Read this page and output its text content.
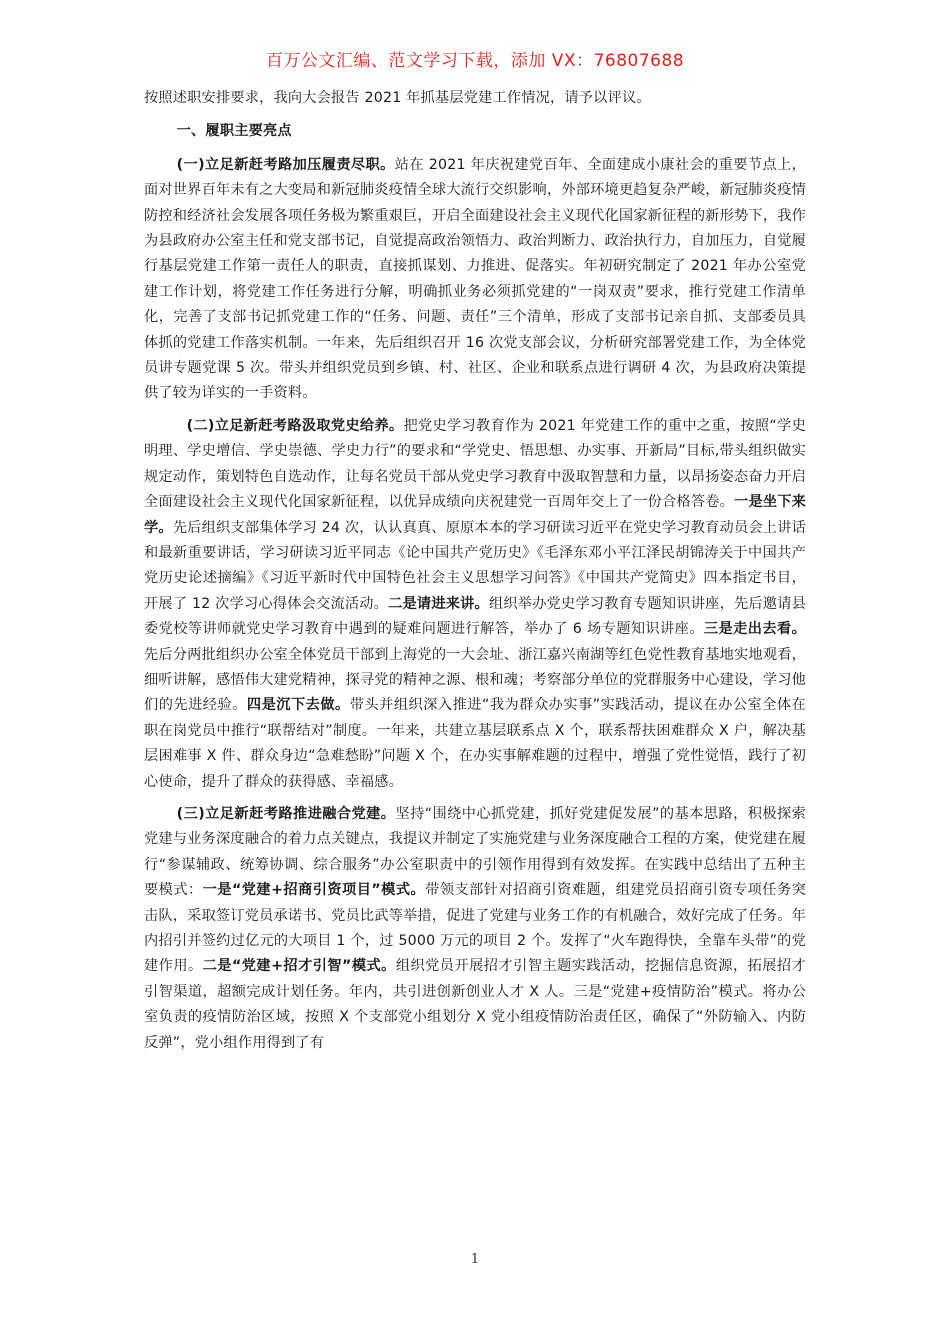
百万公文汇编、范文学习下载，添加 VX：76807688

按照述职安排要求，我向大会报告 2021 年抓基层党建工作情况，请予以评议。

一、履职主要亮点

(一)立足新赶考路加压履责尽职。站在 2021 年庆祝建党百年、全面建成小康社会的重要节点上，面对世界百年未有之大变局和新冠肺炎疫情全球大流行交织影响，外部环境更趋复杂严峻，新冠肺炎疫情防控和经济社会发展各项任务极为繁重艰巨，开启全面建设社会主义现代化国家新征程的新形势下，我作为县政府办公室主任和党支部书记，自觉提高政治领悟力、政治判断力、政治执行力，自加压力，自觉履行基层党建工作第一责任人的职责，直接抓谋划、力推进、促落实。年初研究制定了 2021 年办公室党建工作计划，将党建工作任务进行分解，明确抓业务必须抓党建的“一岗双责”要求，推行党建工作清单化，完善了支部书记抓党建工作的“任务、问题、责任”三个清单，形成了支部书记亲自抓、支部委员具体抓的党建工作落实机制。一年来，先后组织召开 16 次党支部会议，分析研究部署党建工作，为全体党员讲专题党课 5 次。带头并组织党员到乡镇、村、社区、企业和联系点进行调研 4 次，为县政府决策提供了较为详实的一手资料。

(二)立足新赶考路汲取党史给养。把党史学习教育作为 2021 年党建工作的重中之重，按照“学史明理、学史增信、学史崇德、学史力行”的要求和“学党史、悟思想、办实事、开新局”目标,带头组织做实规定动作，策划特色自选动作，让每名党员干部从党史学习教育中汲取智慧和力量，以昂扬姿态奋力开启全面建设社会主义现代化国家新征程，以优异成绩向庆祝建党一百周年交上了一份合格答卷。一是坐下来学。先后组织支部集体学习 24 次，认认真真、原原本本的学习研读习近平在党史学习教育动员会上讲话和最新重要讲话，学习研读习近平同志《论中国共产党历史》《毛泽东邓小平江泽民胡锦涛关于中国共产党历史论述摘编》《习近平新时代中国特色社会主义思想学习问答》《中国共产党简史》四本指定书目，开展了 12 次学习心得体会交流活动。二是请进来讲。组织举办党史学习教育专题知识讲座，先后邀请县委党校等讲师就党史学习教育中遇到的疑难问题进行解答，举办了 6 场专题知识讲座。三是走出去看。先后分两批组织办公室全体党员干部到上海党的一大会址、浙江嘉兴南湖等红色党性教育基地实地观看，细听讲解，感悟伟大建党精神，探寻党的精神之源、根和魂；考察部分单位的党群服务中心建设，学习他们的先进经验。四是沉下去做。带头并组织深入推进“我为群众办实事”实践活动，提议在办公室全体在职在岗党员中推行“联帮结对”制度。一年来，共建立基层联系点 X 个，联系帮扶困难群众 X 户，解决基层困难事 X 件、群众身边“急难愁盼”问题 X 个，在办实事解难题的过程中，增强了党性觉悟，践行了初心使命，提升了群众的获得感、幸福感。

(三)立足新赶考路推进融合党建。坚持“围绕中心抓党建，抓好党建促发展”的基本思路，积极探索党建与业务深度融合的着力点关键点，我提议并制定了实施党建与业务深度融合工程的方案，使党建在履行“参谋辅政、统筹协调、综合服务”办公室职责中的引领作用得到有效发挥。在实践中总结出了五种主要模式：一是“党建+招商引资项目”模式。带领支部针对招商引资难题，组建党员招商引资专项任务突击队，采取签订党员承诺书、党员比武等举措，促进了党建与业务工作的有机融合，效好完成了任务。年内招引并签约过亿元的大项目 1 个，过 5000 万元的项目 2 个。发挥了“火车跑得快，全靠车头带”的党建作用。二是“党建+招才引智”模式。组织党员开展招才引智主题实践活动，挖掘信息资源，拓展招才引智渠道，超额完成计划任务。年内，共引进创新创业人才 X 人。三是“党建+疫情防治”模式。将办公室负责的疫情防治区域，按照 X 个支部党小组划分 X 党小组疫情防治责任区，确保了“外防输入、内防反弹”，党小组作用得到了有

1
